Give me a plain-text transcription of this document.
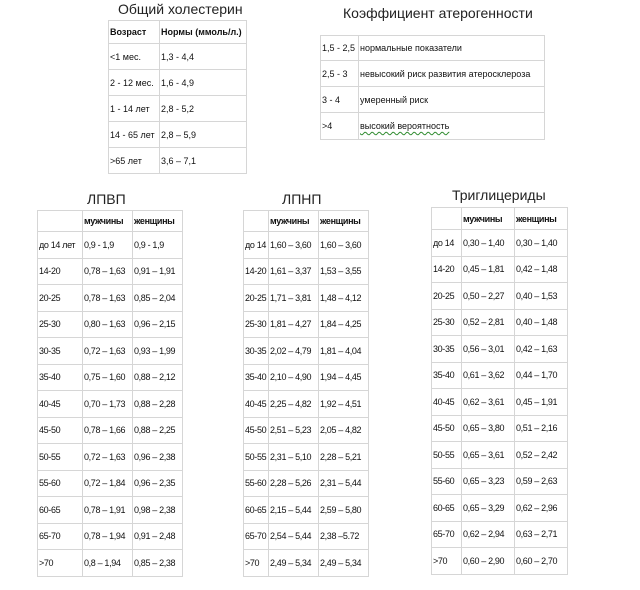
Общий холестерин
Возраст	Нормы (ммоль/л.)
<1 мес.	1,3 - 4,4
2 - 12 мес.	1,6 - 4,9
1 - 14 лет	2,8 - 5,2
14 - 65 лет	2,8 – 5,9
>65 лет	3,6 – 7,1
Коэффициент атерогенности
1,5 - 2,5	нормальные показатели
2,5 - 3	невысокий риск развития атеросклероза
3 - 4	умеренный риск
>4	высокий вероятность
ЛПВП
	мужчины	женщины
до 14 лет	0,9 - 1,9	0,9 - 1,9
14-20	0,78 – 1,63	0,91 – 1,91
20-25	0,78 – 1,63	0,85 – 2,04
25-30	0,80 – 1,63	0,96 – 2,15
30-35	0,72 – 1,63	0,93 – 1,99
35-40	0,75 – 1,60	0,88 – 2,12
40-45	0,70 – 1,73	0,88 – 2,28
45-50	0,78 – 1,66	0,88 – 2,25
50-55	0,72 – 1,63	0,96 – 2,38
55-60	0,72 – 1,84	0,96 – 2,35
60-65	0,78 – 1,91	0,98 – 2,38
65-70	0,78 – 1,94	0,91 – 2,48
>70	0,8 – 1,94	0,85 – 2,38
ЛПНП
	мужчины	женщины
до 14	1,60 – 3,60	1,60 – 3,60
14-20	1,61 – 3,37	1,53 – 3,55
20-25	1,71 – 3,81	1,48 – 4,12
25-30	1,81 – 4,27	1,84 – 4,25
30-35	2,02 – 4,79	1,81 – 4,04
35-40	2,10 – 4,90	1,94 – 4,45
40-45	2,25 – 4,82	1,92 – 4,51
45-50	2,51 – 5,23	2,05 – 4,82
50-55	2,31 – 5,10	2,28 – 5,21
55-60	2,28 – 5,26	2,31 – 5,44
60-65	2,15 – 5,44	2,59 – 5,80
65-70	2,54 – 5,44	2,38 –5.72
>70	2,49 – 5,34	2,49 – 5,34
Триглицериды
	мужчины	женщины
до 14	0,30 – 1,40	0,30 – 1,40
14-20	0,45 – 1,81	0,42 – 1,48
20-25	0,50 – 2,27	0,40 – 1,53
25-30	0,52 – 2,81	0,40 – 1,48
30-35	0,56 – 3,01	0,42 – 1,63
35-40	0,61 – 3,62	0,44 – 1,70
40-45	0,62 – 3,61	0,45 – 1,91
45-50	0,65 – 3,80	0,51 – 2,16
50-55	0,65 – 3,61	0,52 – 2,42
55-60	0,65 – 3,23	0,59 – 2,63
60-65	0,65 – 3,29	0,62 – 2,96
65-70	0,62 – 2,94	0,63 – 2,71
>70	0,60 – 2,90	0,60 – 2,70
